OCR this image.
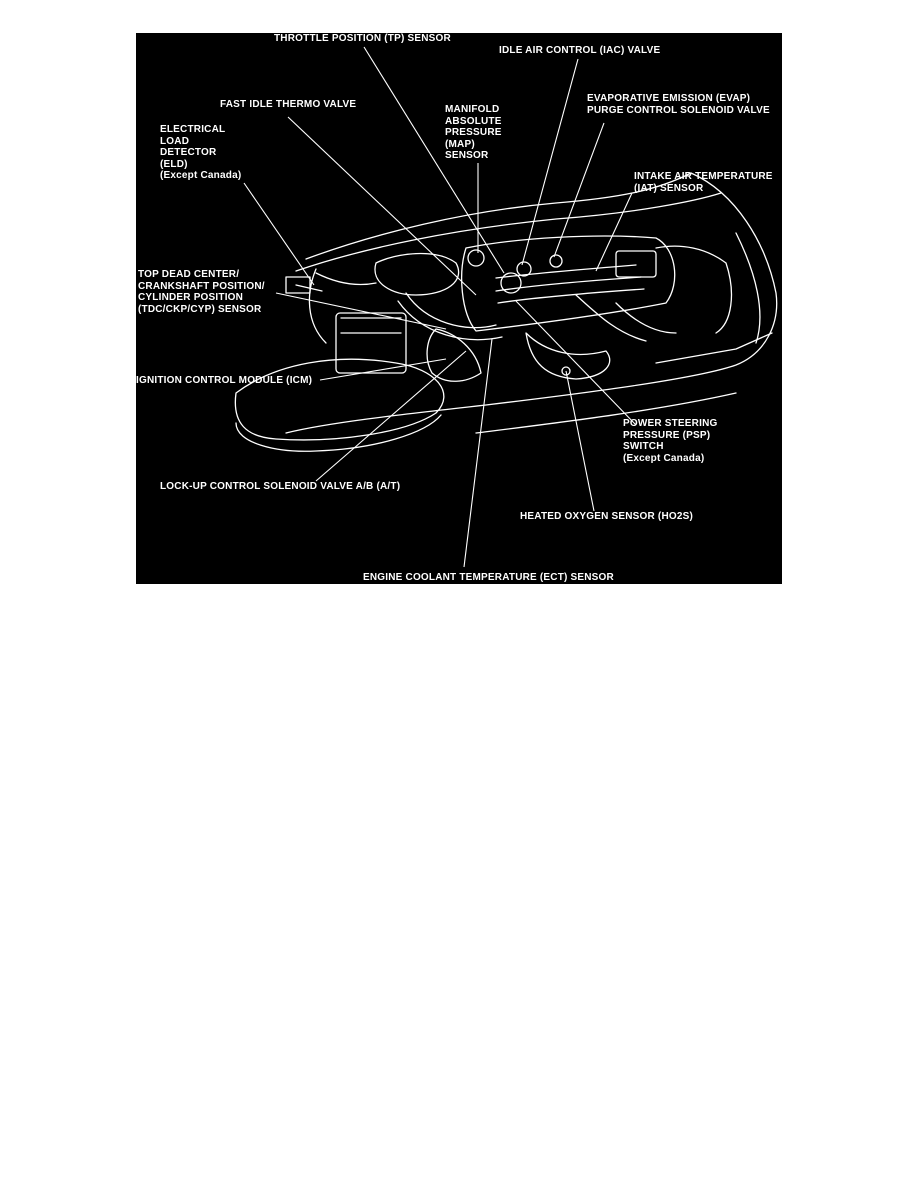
THROTTLE POSITION (TP) SENSOR
IDLE AIR CONTROL (IAC) VALVE
FAST IDLE THERMO VALVE	MANIFOLD
ABSOLUTE
PRESSURE
(MAP)
SENSOR
EVAPORATIVE EMISSION (EVAP)
PURGE CONTROL SOLENOID VALVE
ELECTRICAL
LOAD
DETECTOR
(ELD)
(Except Canada)	INTAKE AIR TEMPERATURE
(IAT) SENSOR
TOP DEAD CENTER/
CRANKSHAFT POSITION/
CYLINDER POSITION
(TDC/CKP/CYP) SENSOR
IGNITION CONTROL MODULE (ICM)
POWER STEERING
PRESSURE (PSP)
SWITCH
(Except Canada)
LOCK-UP CONTROL SOLENOID VALVE A/B (A/T)
HEATED OXYGEN SENSOR (HO2S)
ENGINE COOLANT TEMPERATURE (ECT) SENSOR
